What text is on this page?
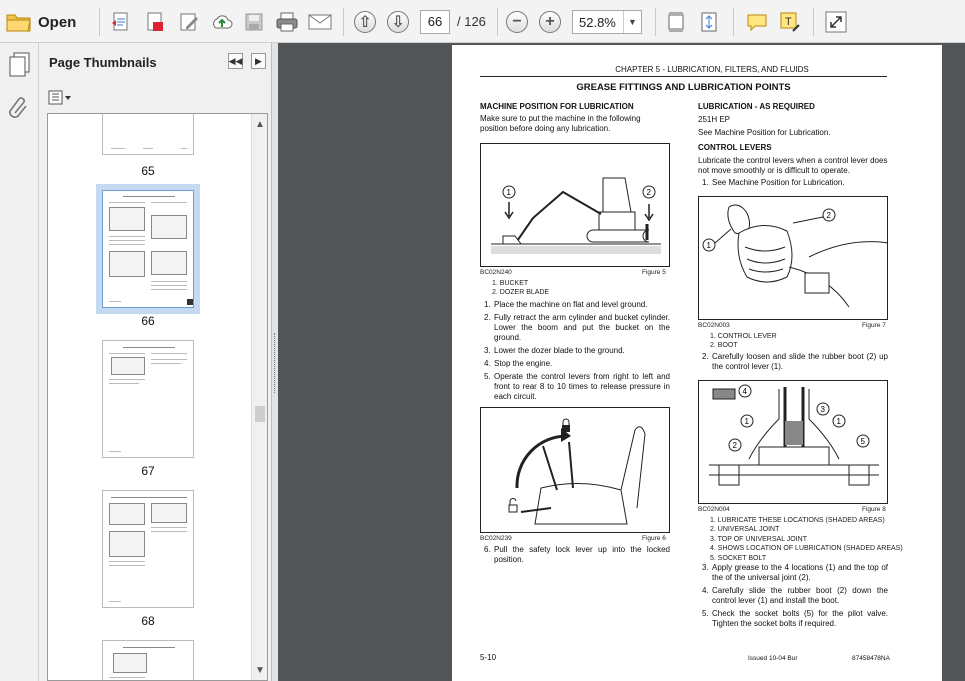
Open	⇧ ⇩	66	/ 126	−	+	52.8%	▼	T
Page Thumbnails	◀◀ ▶
65
66
67
68
▲
▼
CHAPTER 5 - LUBRICATION, FILTERS, AND FLUIDS
GREASE FITTINGS AND LUBRICATION POINTS
MACHINE POSITION FOR LUBRICATION
Make sure to put the machine in the following position before doing any lubrication.
1	2
BC02N240	Figure 5
1. BUCKET
2. DOZER BLADE
1. Place the machine on flat and level ground.
2. Fully retract the arm cylinder and bucket cylinder. Lower the boom and put the bucket on the ground.
3. Lower the dozer blade to the ground.
4. Stop the engine.
5. Operate the control levers from right to left and front to rear 8 to 10 times to release pressure in each circuit.
BC02N239	Figure 6
6. Pull the safety lock lever up into the locked position.
LUBRICATION - AS REQUIRED
251H EP
See Machine Position for Lubrication.
CONTROL LEVERS
Lubricate the control levers when a control lever does not move smoothly or is difficult to operate.
1. See Machine Position for Lubrication.
1
2
BC02N003	Figure 7
1. CONTROL LEVER
2. BOOT
2. Carefully loosen and slide the rubber boot (2) up the control lever (1).
4
1
2
3
1
5
BC02N004	Figure 8
1. LUBRICATE THESE LOCATIONS (SHADED AREAS)
2. UNIVERSAL JOINT
3. TOP OF UNIVERSAL JOINT
4. SHOWS LOCATION OF LUBRICATION (SHADED AREAS)
5. SOCKET BOLT
3. Apply grease to the 4 locations (1) and the top of the of the universal joint (2).
4. Carefully slide the rubber boot (2) down the control lever (1) and install the boot.
5. Check the socket bolts (5) for the pilot valve. Tighten the socket bolts if required.
5-10	Issued 10-04 Bur	87458478NA
